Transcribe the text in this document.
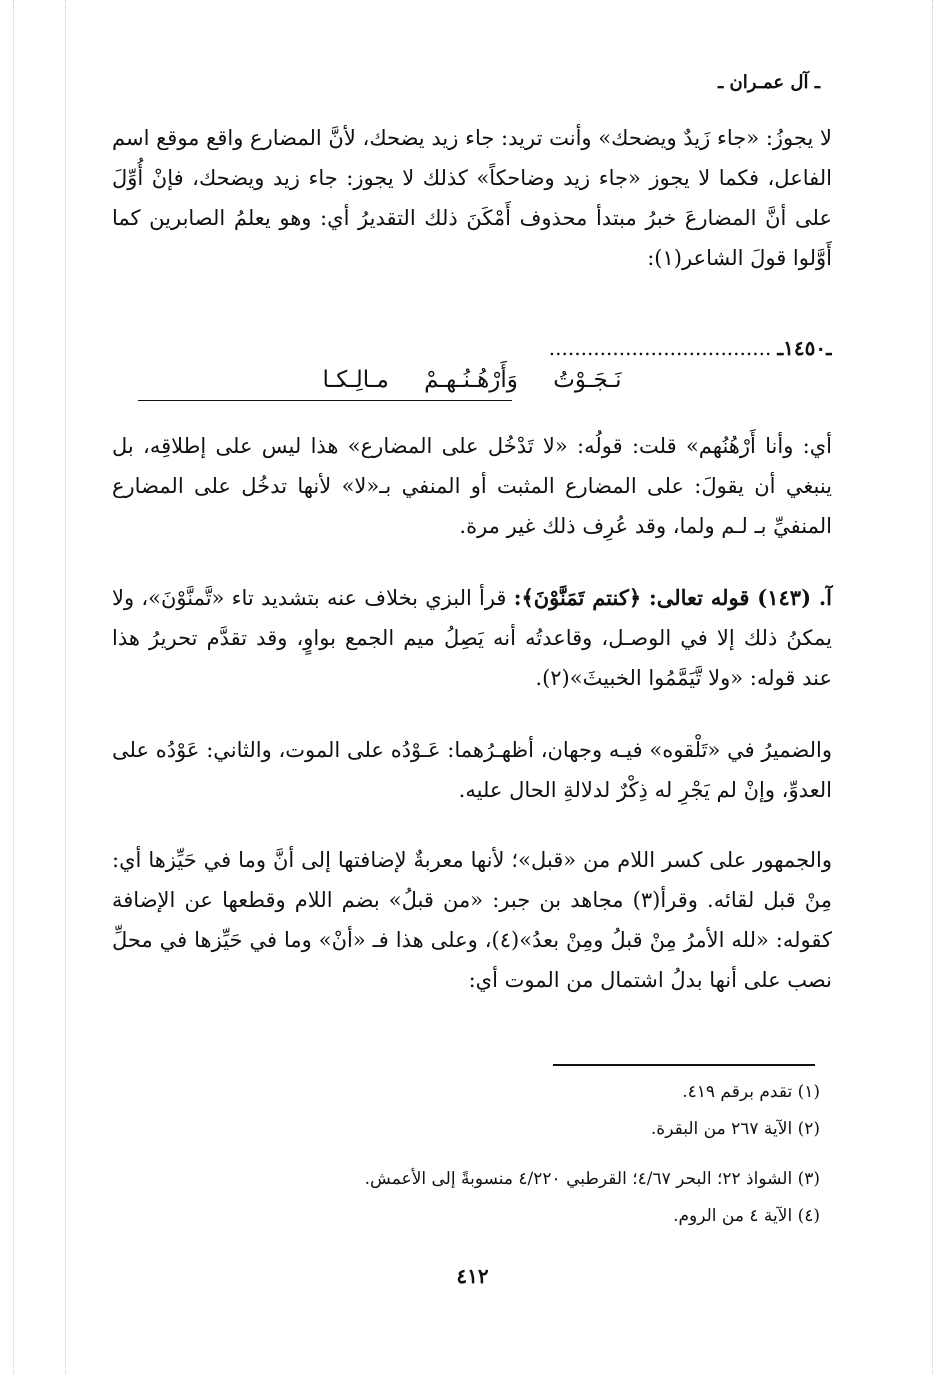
ـ آل عمـران ـ
لا يجوزُ: «جاء زَيدٌ ويضحك» وأنت تريد: جاء زيد يضحك، لأنَّ المضارع واقع موقع اسم الفاعل، فكما لا يجوز «جاء زيد وضاحكاً» كذلك لا يجوز: جاء زيد ويضحك، فإنْ أُوِّلَ على أنَّ المضارعَ خبرُ مبتدأ محذوف أَمْكَنَ ذلك التقديرُ أي: وهو يعلمُ الصابرين كما أَوَّلوا قولَ الشاعر(١):
ـ١٤٥٠ـ...................................
نَـجَـوْتُ وَأَرْهُـنُـهـمْ مـالِـكـا
أي: وأنا أَرْهُنُهم» قلت: قولُه: «لا تَدْخُل على المضارع» هذا ليس على إطلاقِه، بل ينبغي أن يقولَ: على المضارع المثبت أو المنفي بـ«لا» لأنها تدخُل على المضارع المنفيِّ بـ لـم ولما، وقد عُرِف ذلك غير مرة.
آ. (١٤٣) قوله تعالى: ﴿كنتم تَمَنَّوْنَ﴾: قرأ البزي بخلاف عنه بتشديد تاء «تَّمنَّوْنَ»، ولا يمكنُ ذلك إلا في الوصـل، وقاعدتُه أنه يَصِلُ ميم الجمع بواوٍ، وقد تقدَّم تحريرُ هذا عند قوله: «ولا تَّيَمَّمُوا الخبيثَ»(٢).
والضميرُ في «تَلْقوه» فيـه وجهان، أظهـرُهما: عَـوْدُه على الموت، والثاني: عَوْدُه على العدوِّ، وإنْ لم يَجْرِ له ذِكْرٌ لدلالةِ الحال عليه.
والجمهور على كسر اللام من «قبل»؛ لأنها معربةٌ لإضافتها إلى أنَّ وما في حَيِّزها أي: مِنْ قبل لقائه. وقرأ(٣) مجاهد بن جبر: «من قبلُ» بضم اللام وقطعها عن الإضافة كقوله: «لله الأمرُ مِنْ قبلُ ومِنْ بعدُ»(٤)، وعلى هذا فـ «أنْ» وما في حَيِّزها في محلِّ نصب على أنها بدلُ اشتمال من الموت أي:
(١) تقدم برقم ٤١٩.
(٢) الآية ٢٦٧ من البقرة.
(٣) الشواذ ٢٢؛ البحر ٤/٦٧؛ القرطبي ٤/٢٢٠ منسوبةً إلى الأعمش.
(٤) الآية ٤ من الروم.
٤١٢
